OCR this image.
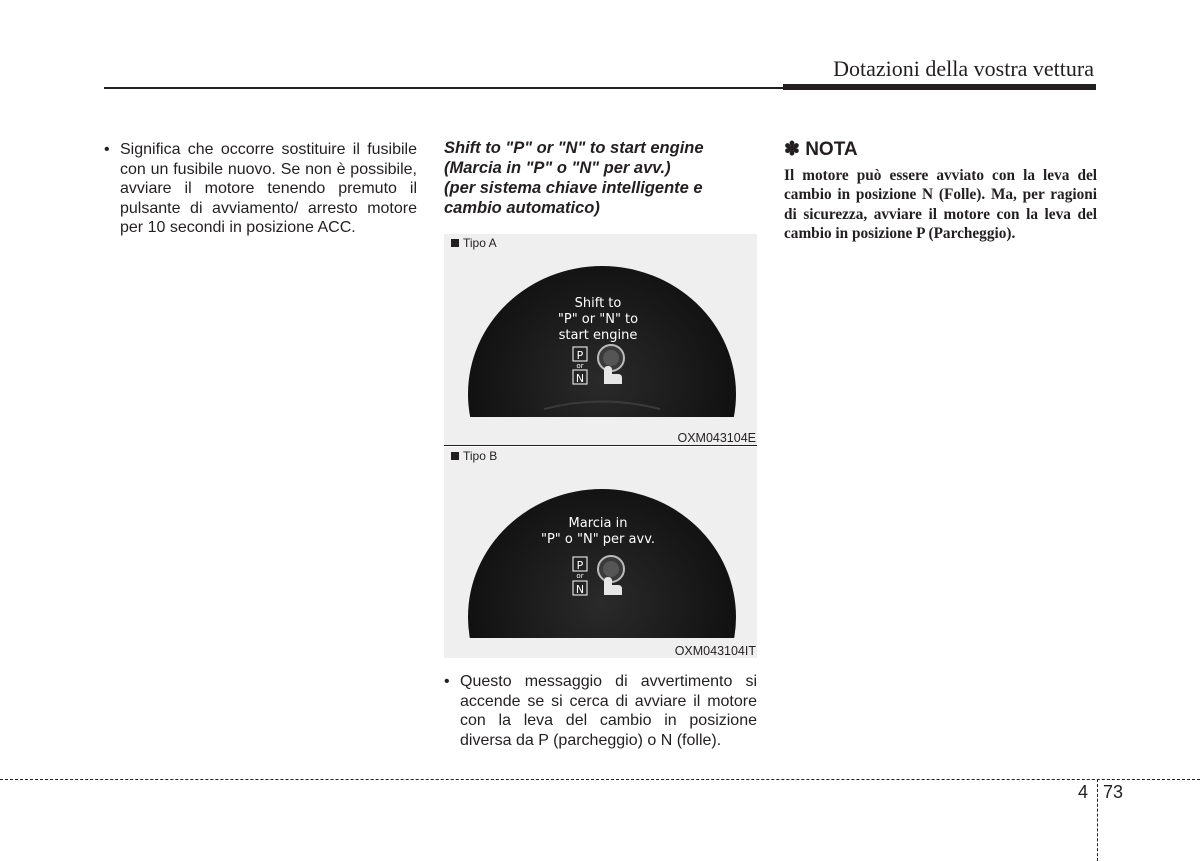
Dotazioni della vostra vettura
• Significa che occorre sostituire il fusibile con un fusibile nuovo. Se non è possibile, avviare il motore tenendo premuto il pulsante di avviamento/ arresto motore per 10 secondi in posizione ACC.
Shift to "P" or "N" to start engine
(Marcia in "P" o "N" per avv.)
(per sistema chiave intelligente e
cambio automatico)
Shift to
"P" or "N" to
start engine
P
or
N
Tipo A
OXM043104E
Marcia in
"P" o "N" per avv.
P
or
N
Tipo B
OXM043104IT
• Questo messaggio di avvertimento si accende se si cerca di avviare il motore con la leva del cambio in posizione diversa da P (parcheggio) o N (folle).
✽ NOTA
Il motore può essere avviato con la leva del cambio in posizione N (Folle). Ma, per ragioni di sicurezza, avviare il motore con la leva del cambio in posizione P (Parcheggio).
4 73
